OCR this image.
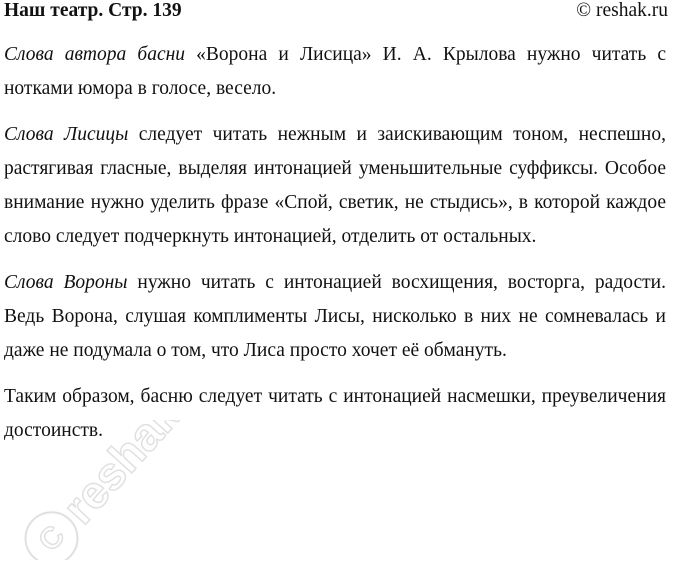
Наш театр. Стр. 139	© reshak.ru

Слова автора басни «Ворона и Лисица» И. А. Крылова нужно читать с нотками юмора в голосе, весело.

Слова Лисицы следует читать нежным и заискивающим тоном, неспешно, растягивая гласные, выделяя интонацией уменьшительные суффиксы. Особое внимание нужно уделить фразе «Спой, светик, не стыдись», в которой каждое слово следует подчеркнуть интонацией, отделить от остальных.

Слова Вороны нужно читать с интонацией восхищения, восторга, радости. Ведь Ворона, слушая комплименты Лисы, нисколько в них не сомневалась и даже не подумала о том, что Лиса просто хочет её обмануть.

Таким образом, басню следует читать с интонацией насмешки, преувеличения достоинств.

C
reshak.ru
